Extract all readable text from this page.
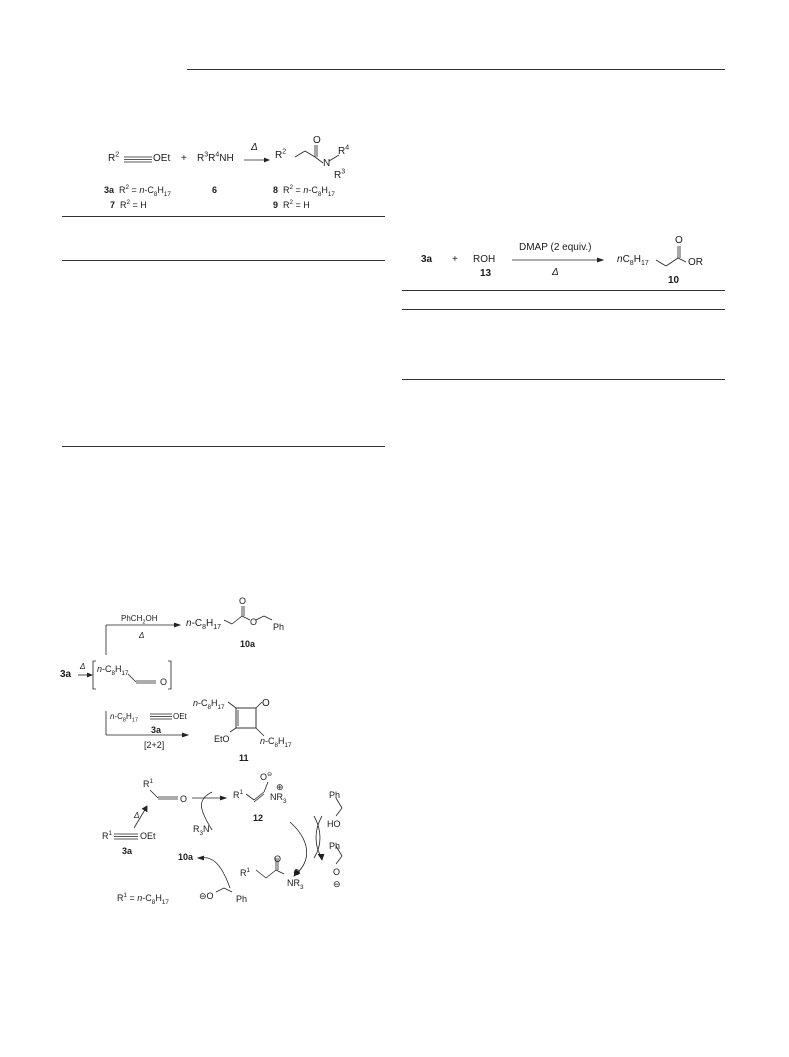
$R^2$	OEt + $R^3R^4NH$
Δ
→ $R^2$
O
N
$R^4$
$R^3$
3a $R^2 = n-C_8H_{17}$
7 $R^2 = H$
6	8 $R^2 = n-C_8H_{17}$
9 $R^2 = H$
3a + ROH
13
DMAP (2 equiv.)
Δ
$nC_8H_{17}$
O
OR
10
PhCH$_2$OH
Δ
$n-C_8H_{17}$
O
O Ph
10a
3a
Δ $n-C_8H_{17}$
O
$n-C_8H_{17}$	OEt
3a
[2+2]
$n-C_8H_{17}$	O
EtO	$n-C_8H_{17}$
11
$R^1$
O	$R^1$
O⊖
$NR_3$
⊕
12
Ph
HO
Ph
O
⊖
Δ
$R^1$	OEt
3a
$R_3N$
10a
$R^1$
O
$NR_3$
⊕
$R^1 = n-C_8H_{17}$
⊖O Ph
